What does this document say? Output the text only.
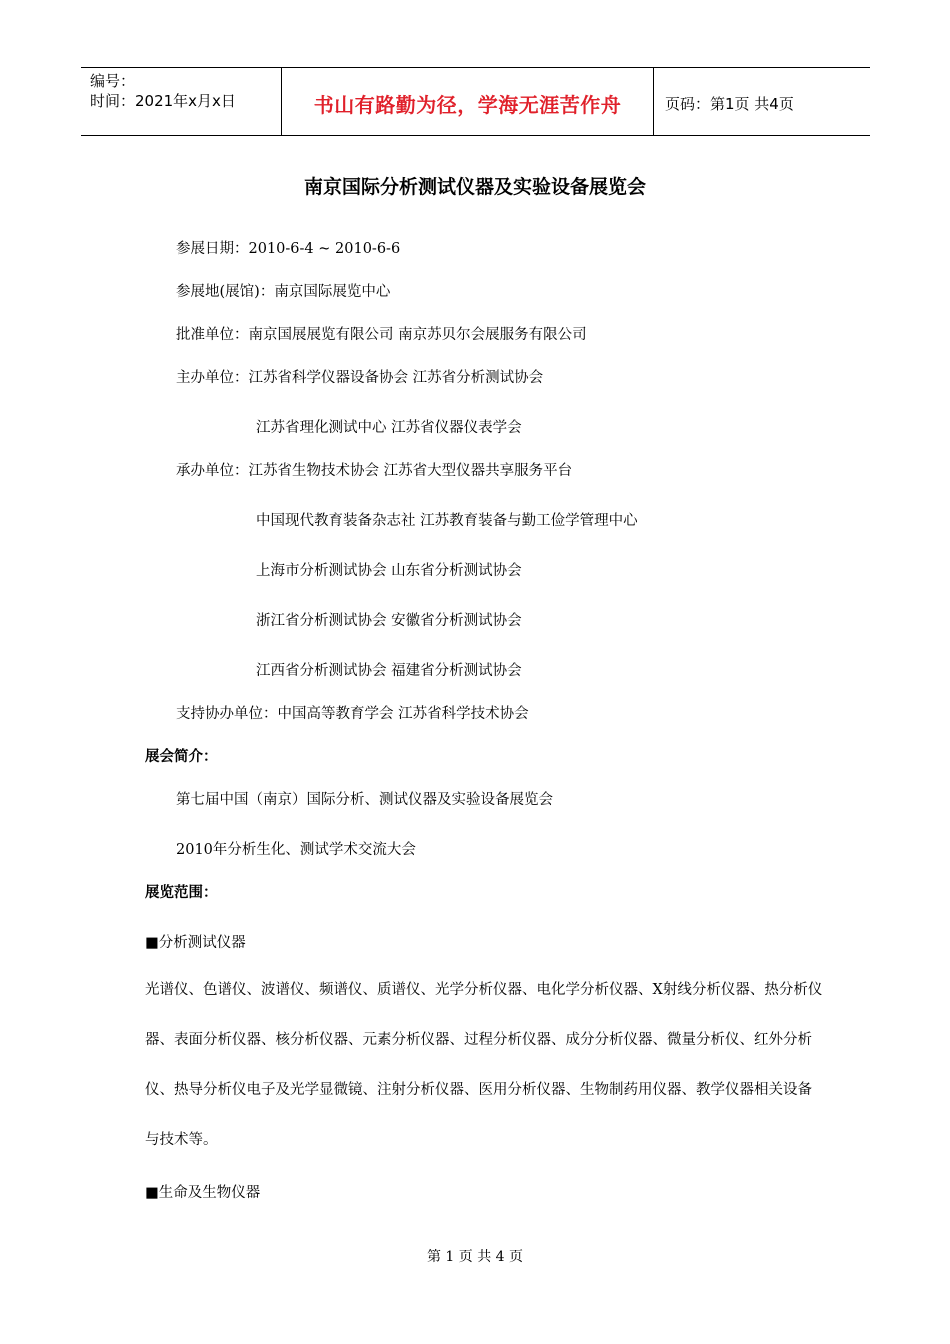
编号：
时间：2021年x月x日	书山有路勤为径，学海无涯苦作舟	页码：第1页 共4页
南京国际分析测试仪器及实验设备展览会
参展日期：2010-6-4 ~ 2010-6-6
参展地(展馆)：南京国际展览中心
批准单位：南京国展展览有限公司 南京苏贝尔会展服务有限公司
主办单位：江苏省科学仪器设备协会 江苏省分析测试协会
江苏省理化测试中心 江苏省仪器仪表学会
承办单位：江苏省生物技术协会 江苏省大型仪器共享服务平台
中国现代教育装备杂志社 江苏教育装备与勤工俭学管理中心
上海市分析测试协会 山东省分析测试协会
浙江省分析测试协会 安徽省分析测试协会
江西省分析测试协会 福建省分析测试协会
支持协办单位：中国高等教育学会 江苏省科学技术协会
展会简介：
第七届中国（南京）国际分析、测试仪器及实验设备展览会
2010年分析生化、测试学术交流大会
展览范围：
■分析测试仪器
光谱仪、色谱仪、波谱仪、频谱仪、质谱仪、光学分析仪器、电化学分析仪器、X射线分析仪器、热分析仪器、表面分析仪器、核分析仪器、元素分析仪器、过程分析仪器、成分分析仪器、微量分析仪、红外分析仪、热导分析仪电子及光学显微镜、注射分析仪器、医用分析仪器、生物制药用仪器、教学仪器相关设备与技术等。
■生命及生物仪器
第 1 页 共 4 页
